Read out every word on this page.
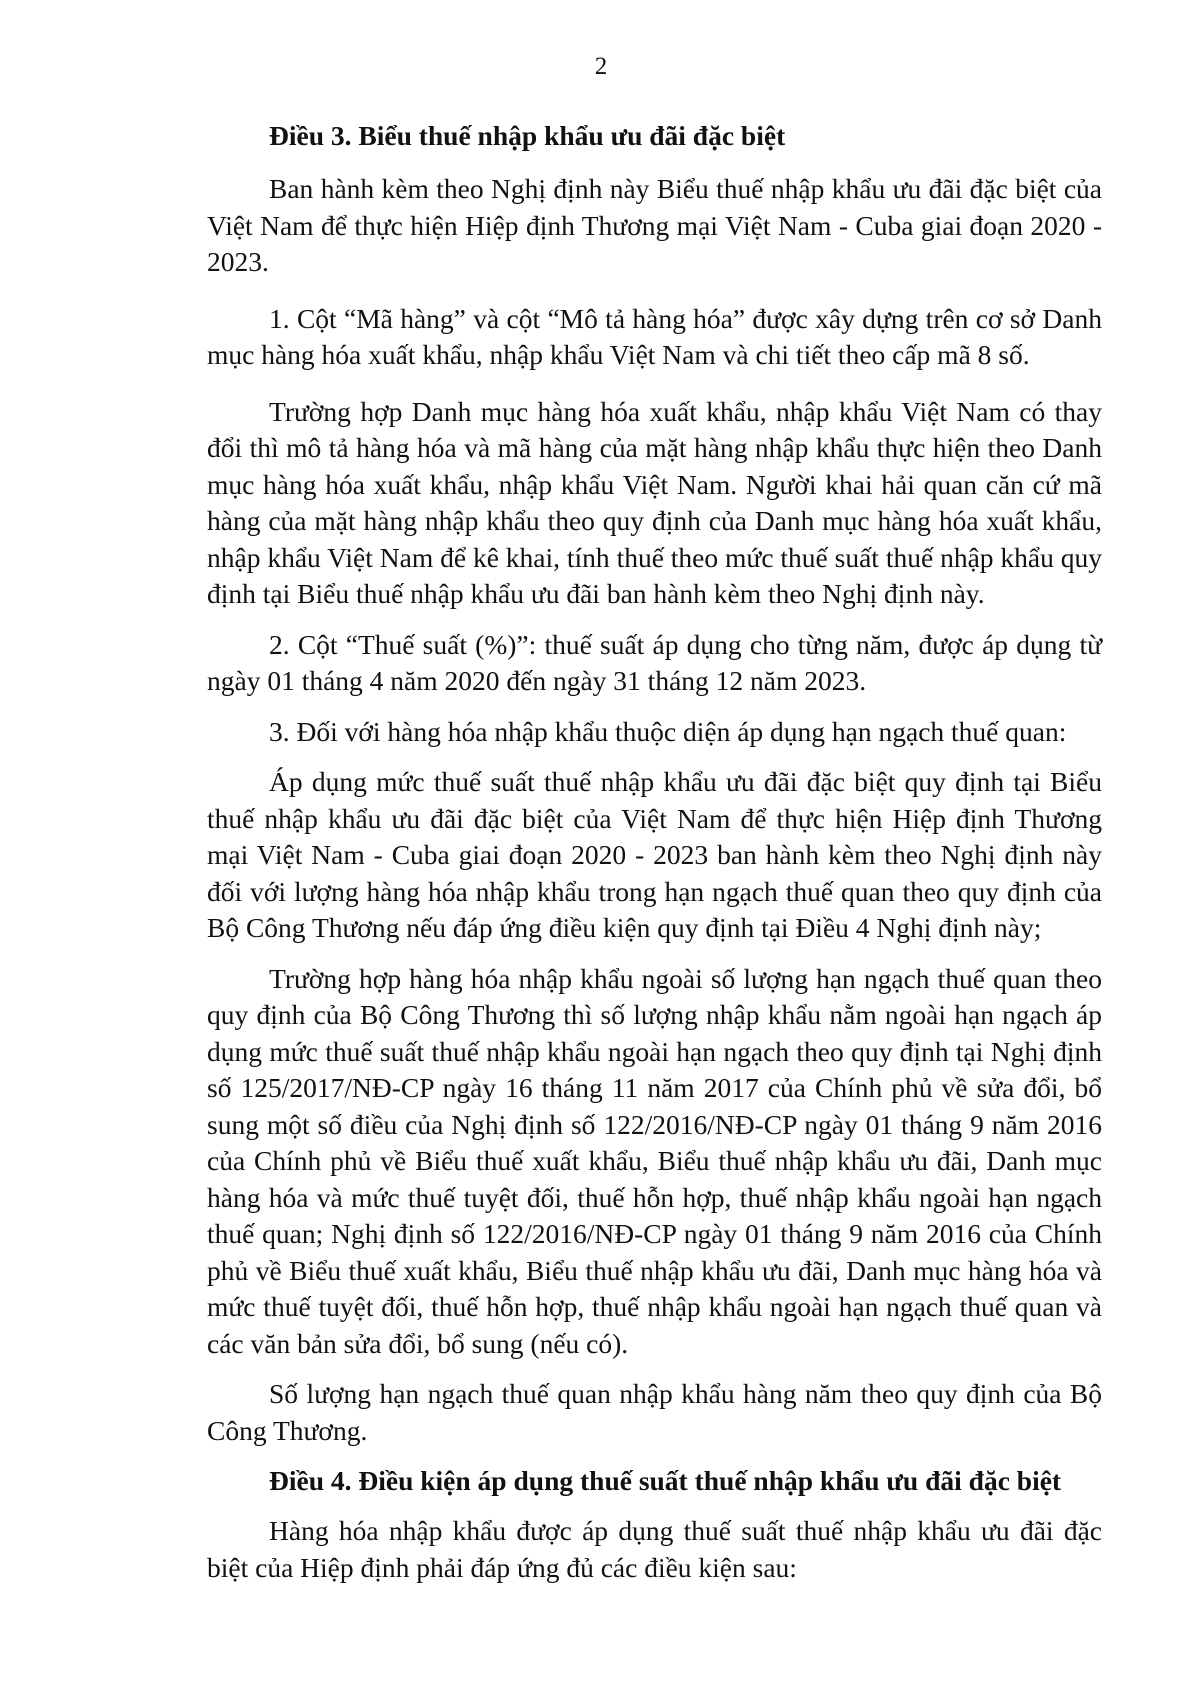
2

Điều 3. Biểu thuế nhập khẩu ưu đãi đặc biệt

Ban hành kèm theo Nghị định này Biểu thuế nhập khẩu ưu đãi đặc biệt của Việt Nam để thực hiện Hiệp định Thương mại Việt Nam - Cuba giai đoạn 2020 - 2023.

1. Cột “Mã hàng” và cột “Mô tả hàng hóa” được xây dựng trên cơ sở Danh mục hàng hóa xuất khẩu, nhập khẩu Việt Nam và chi tiết theo cấp mã 8 số.

Trường hợp Danh mục hàng hóa xuất khẩu, nhập khẩu Việt Nam có thay đổi thì mô tả hàng hóa và mã hàng của mặt hàng nhập khẩu thực hiện theo Danh mục hàng hóa xuất khẩu, nhập khẩu Việt Nam. Người khai hải quan căn cứ mã hàng của mặt hàng nhập khẩu theo quy định của Danh mục hàng hóa xuất khẩu, nhập khẩu Việt Nam để kê khai, tính thuế theo mức thuế suất thuế nhập khẩu quy định tại Biểu thuế nhập khẩu ưu đãi ban hành kèm theo Nghị định này.

2. Cột “Thuế suất (%)”: thuế suất áp dụng cho từng năm, được áp dụng từ ngày 01 tháng 4 năm 2020 đến ngày 31 tháng 12 năm 2023.

3. Đối với hàng hóa nhập khẩu thuộc diện áp dụng hạn ngạch thuế quan:

Áp dụng mức thuế suất thuế nhập khẩu ưu đãi đặc biệt quy định tại Biểu thuế nhập khẩu ưu đãi đặc biệt của Việt Nam để thực hiện Hiệp định Thương mại Việt Nam - Cuba giai đoạn 2020 - 2023 ban hành kèm theo Nghị định này đối với lượng hàng hóa nhập khẩu trong hạn ngạch thuế quan theo quy định của Bộ Công Thương nếu đáp ứng điều kiện quy định tại Điều 4 Nghị định này;

Trường hợp hàng hóa nhập khẩu ngoài số lượng hạn ngạch thuế quan theo quy định của Bộ Công Thương thì số lượng nhập khẩu nằm ngoài hạn ngạch áp dụng mức thuế suất thuế nhập khẩu ngoài hạn ngạch theo quy định tại Nghị định số 125/2017/NĐ-CP ngày 16 tháng 11 năm 2017 của Chính phủ về sửa đổi, bổ sung một số điều của Nghị định số 122/2016/NĐ-CP ngày 01 tháng 9 năm 2016 của Chính phủ về Biểu thuế xuất khẩu, Biểu thuế nhập khẩu ưu đãi, Danh mục hàng hóa và mức thuế tuyệt đối, thuế hỗn hợp, thuế nhập khẩu ngoài hạn ngạch thuế quan; Nghị định số 122/2016/NĐ-CP ngày 01 tháng 9 năm 2016 của Chính phủ về Biểu thuế xuất khẩu, Biểu thuế nhập khẩu ưu đãi, Danh mục hàng hóa và mức thuế tuyệt đối, thuế hỗn hợp, thuế nhập khẩu ngoài hạn ngạch thuế quan và các văn bản sửa đổi, bổ sung (nếu có).

Số lượng hạn ngạch thuế quan nhập khẩu hàng năm theo quy định của Bộ Công Thương.

Điều 4. Điều kiện áp dụng thuế suất thuế nhập khẩu ưu đãi đặc biệt

Hàng hóa nhập khẩu được áp dụng thuế suất thuế nhập khẩu ưu đãi đặc biệt của Hiệp định phải đáp ứng đủ các điều kiện sau:
